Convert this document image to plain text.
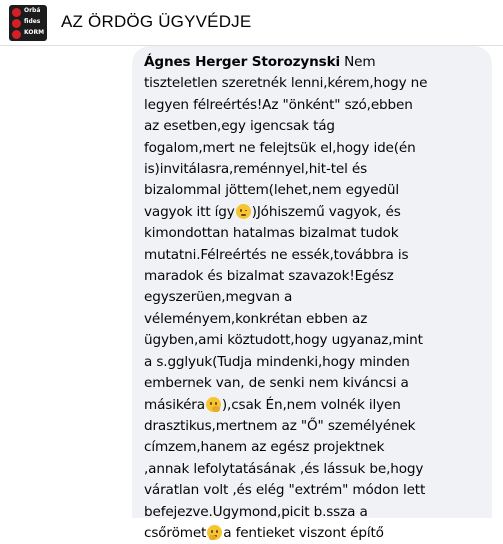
Orbá
fides
KORM
AZ ÖRDÖG ÜGYVÉDJE
Ágnes Herger Storozynski Nem
tiszteletlen szeretnék lenni,kérem,hogy ne
legyen félreértés!Az "önként" szó,ebben
az esetben,egy igencsak tág
fogalom,mert ne felejtsük el,hogy ide(én
is)invitálasra,reménnyel,hit-tel és
bizalommal jöttem(lehet,nem egyedül
vagyok itt így )Jóhiszemű vagyok, és
kimondottan hatalmas bizalmat tudok
mutatni.Félreértés ne essék,továbbra is
maradok és bizalmat szavazok!Egész
egyszerüen,megvan a
véleményem,konkrétan ebben az
ügyben,ami köztudott,hogy ugyanaz,mint
a s.gglyuk(Tudja mindenki,hogy minden
embernek van, de senki nem kiváncsi a
másikéra ),csak Én,nem volnék ilyen
drasztikus,mertnem az "Ő" személyének
címzem,hanem az egész projektnek
,annak lefolytatásának ,és lássuk be,hogy
váratlan volt ,és elég "extrém" módon lett
befejezve.Ugymond,picit b.ssza a
csőrömet a fentieket viszont építő
